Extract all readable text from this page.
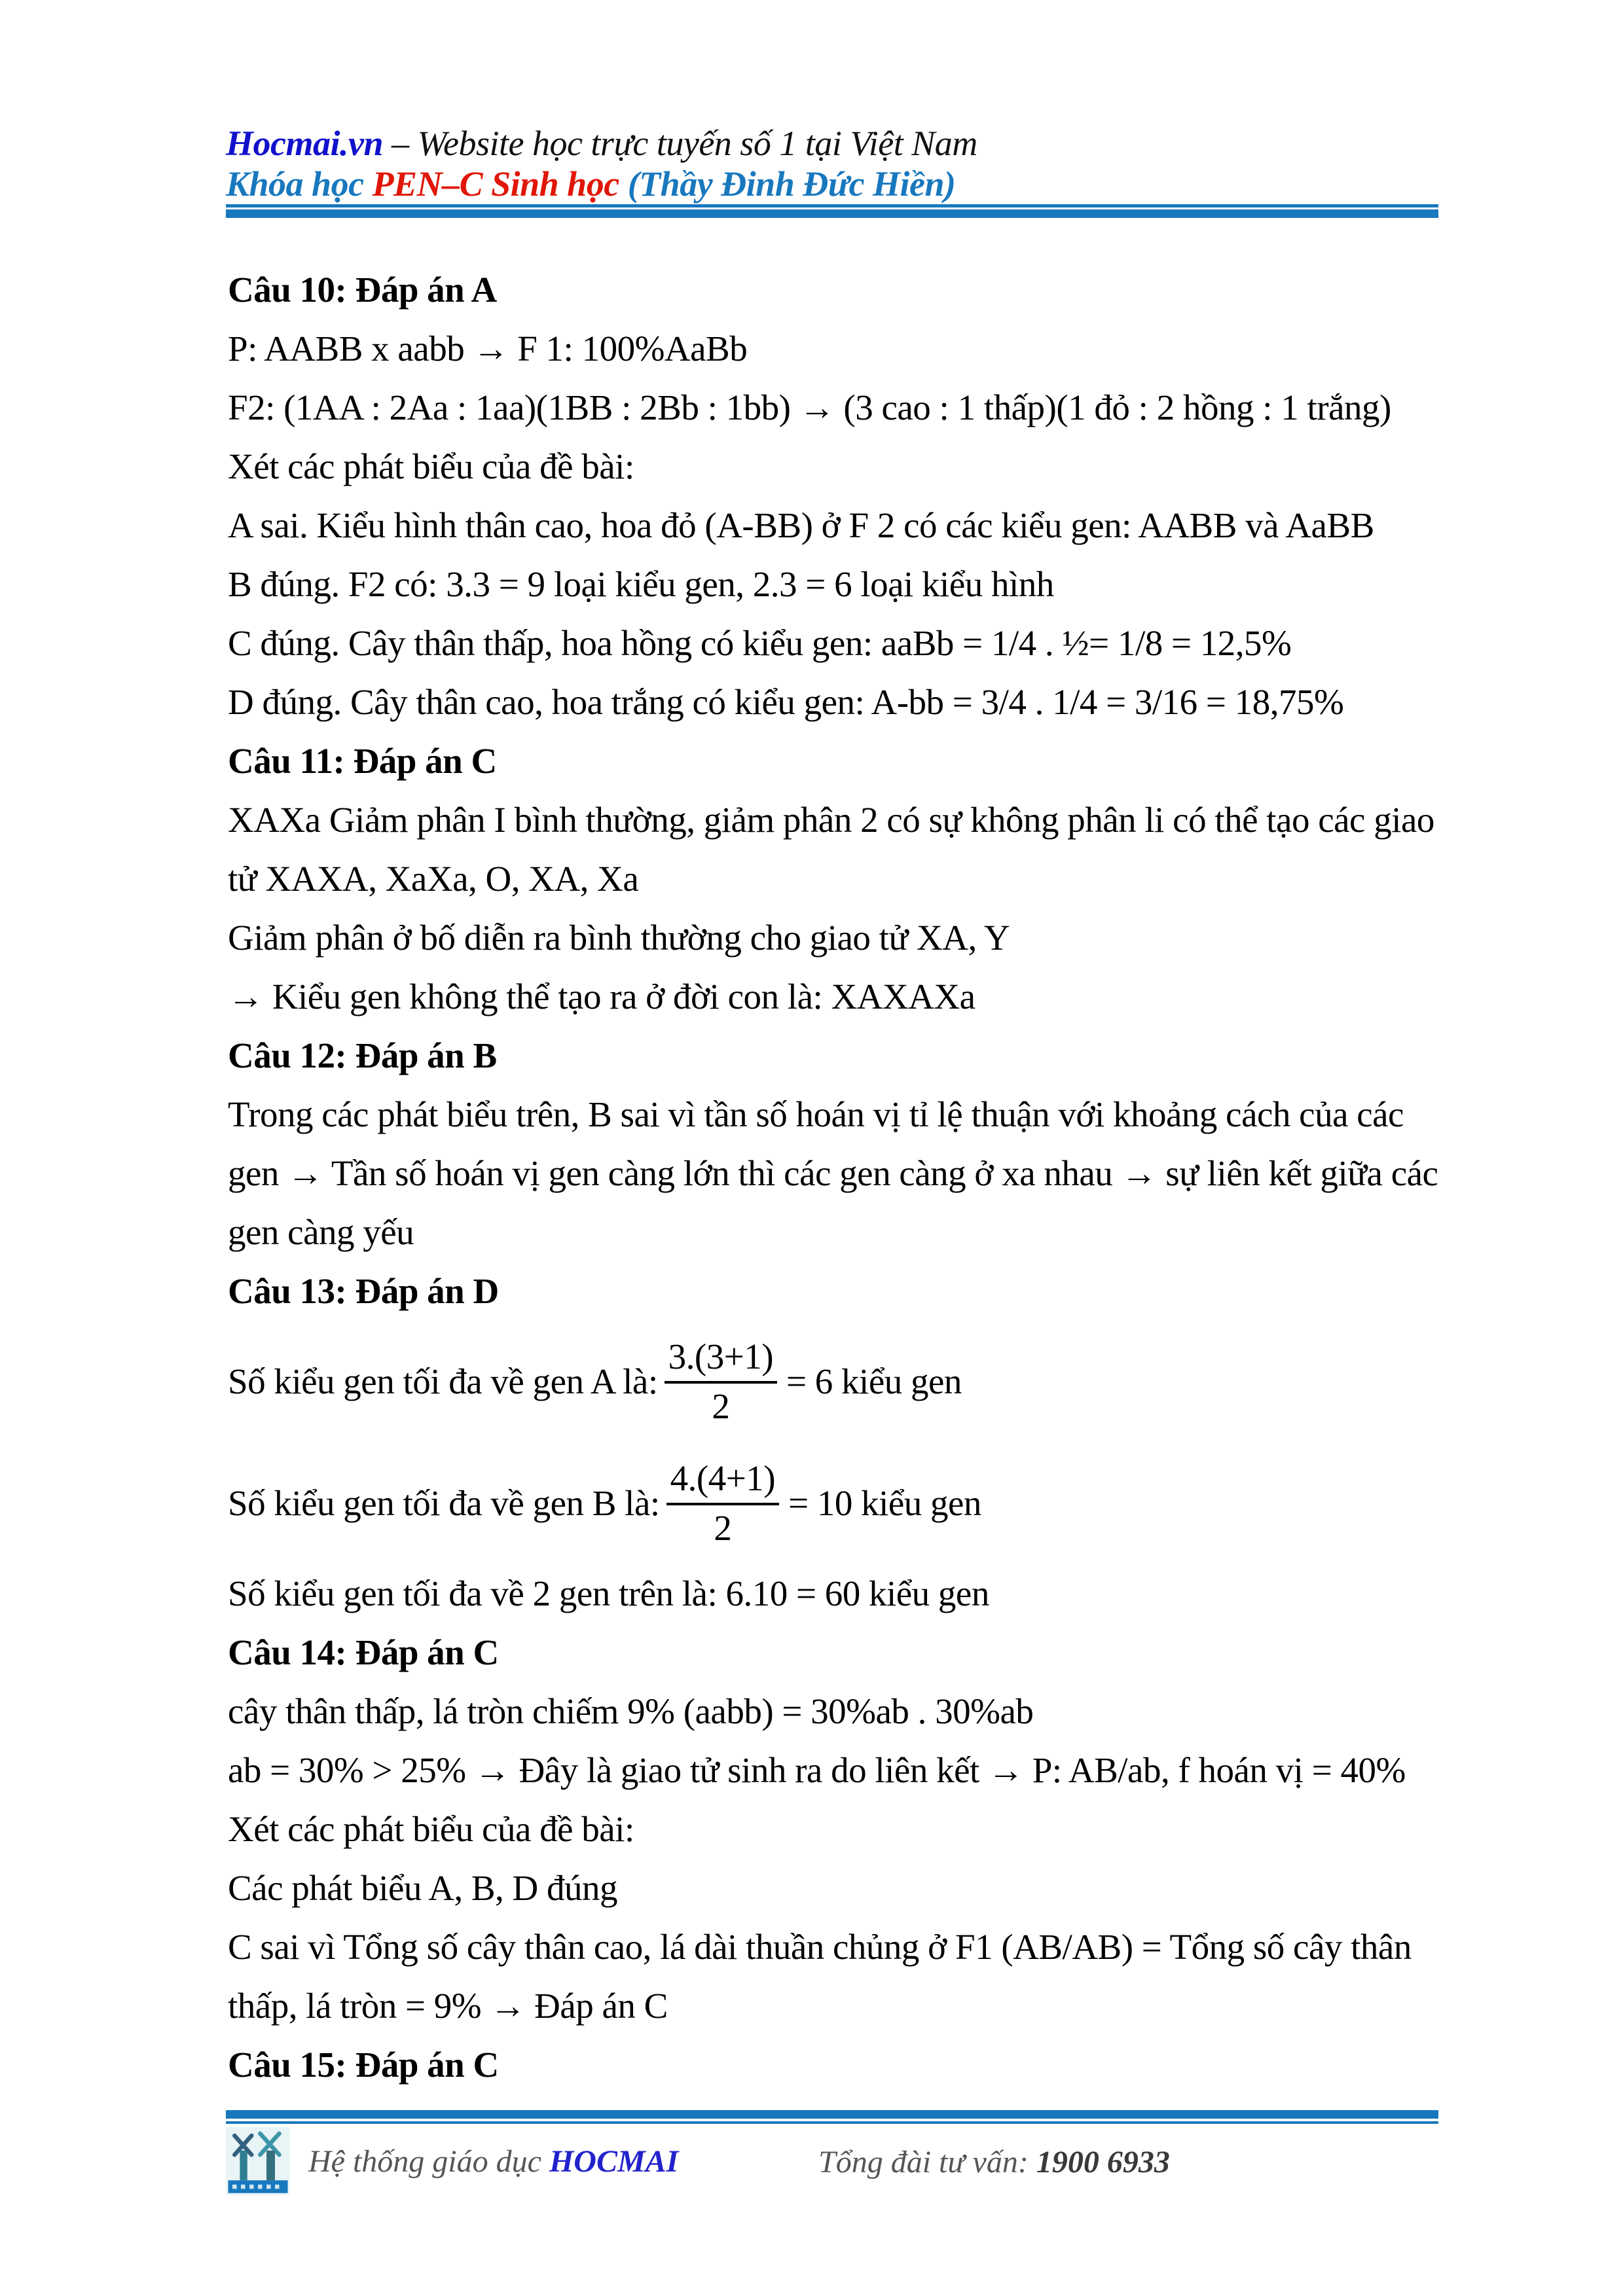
Hocmai.vn – Website học trực tuyến số 1 tại Việt Nam
Khóa học PEN–C Sinh học (Thầy Đinh Đức Hiền)
Câu 10: Đáp án A
P: AABB x aabb → F 1: 100%AaBb
F2: (1AA : 2Aa : 1aa)(1BB : 2Bb : 1bb) → (3 cao : 1 thấp)(1 đỏ : 2 hồng : 1 trắng)
Xét các phát biểu của đề bài:
A sai. Kiểu hình thân cao, hoa đỏ (A-BB) ở F 2 có các kiểu gen: AABB và AaBB
B đúng. F2 có: 3.3 = 9 loại kiểu gen, 2.3 = 6 loại kiểu hình
C đúng. Cây thân thấp, hoa hồng có kiểu gen: aaBb = 1/4 . ½= 1/8 = 12,5%
D đúng. Cây thân cao, hoa trắng có kiểu gen: A-bb = 3/4 . 1/4 = 3/16 = 18,75%
Câu 11: Đáp án C
XAXa Giảm phân I bình thường, giảm phân 2 có sự không phân li có thể tạo các giao
tử XAXA, XaXa, O, XA, Xa
Giảm phân ở bố diễn ra bình thường cho giao tử XA, Y
→ Kiểu gen không thể tạo ra ở đời con là: XAXAXa
Câu 12: Đáp án B
Trong các phát biểu trên, B sai vì tần số hoán vị tỉ lệ thuận với khoảng cách của các
gen → Tần số hoán vị gen càng lớn thì các gen càng ở xa nhau → sự liên kết giữa các
gen càng yếu
Câu 13: Đáp án D
Số kiểu gen tối đa về gen A là: $\frac{3.(3+1)}{2} = 6$ kiểu gen
Số kiểu gen tối đa về gen B là: $\frac{4.(4+1)}{2} = 10$ kiểu gen
Số kiểu gen tối đa về 2 gen trên là: 6.10 = 60 kiểu gen
Câu 14: Đáp án C
cây thân thấp, lá tròn chiếm 9% (aabb) = 30%ab . 30%ab
ab = 30% > 25% → Đây là giao tử sinh ra do liên kết → P: AB/ab, f hoán vị = 40%
Xét các phát biểu của đề bài:
Các phát biểu A, B, D đúng
C sai vì Tổng số cây thân cao, lá dài thuần chủng ở F1 (AB/AB) = Tổng số cây thân
thấp, lá tròn = 9% → Đáp án C
Câu 15: Đáp án C
Hệ thống giáo dục HOCMAI	Tổng đài tư vấn: 1900 6933
